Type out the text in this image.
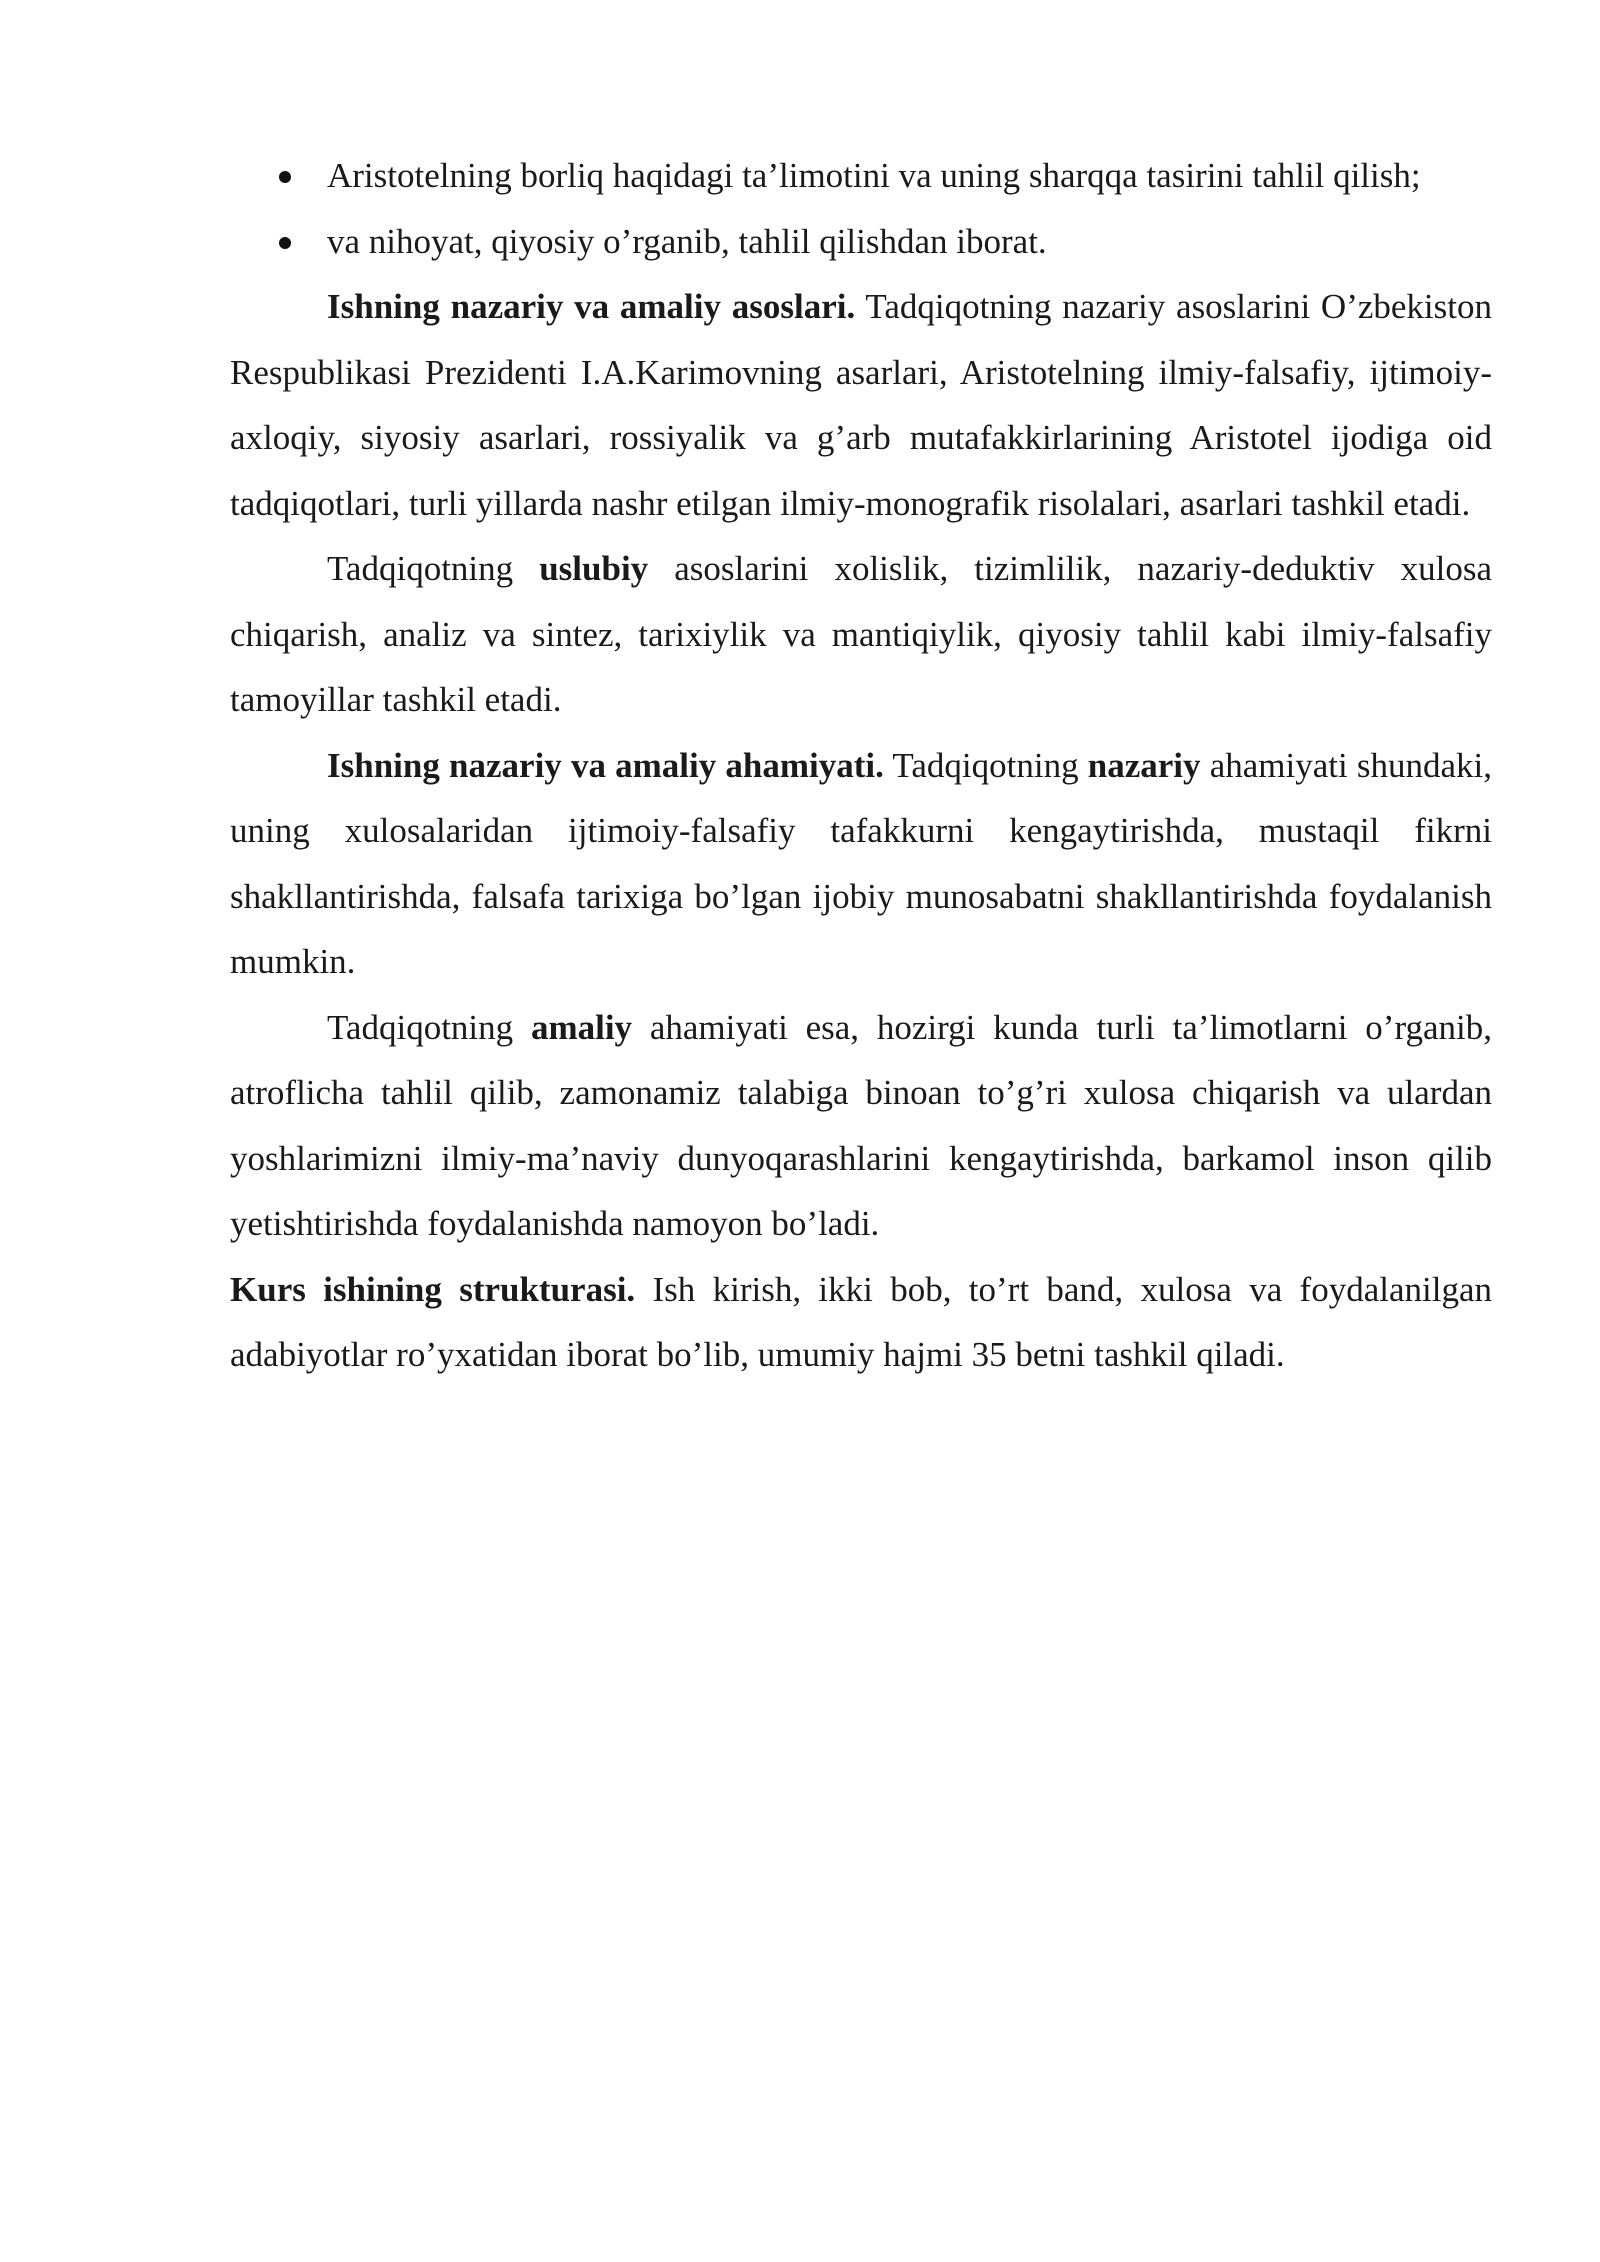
Aristotelning borliq haqidagi ta’limotini va uning sharqqa tasirini tahlil qilish;
va nihoyat, qiyosiy o’rganib, tahlil qilishdan iborat.

Ishning nazariy va amaliy asoslari. Tadqiqotning nazariy asoslarini O’zbekiston Respublikasi Prezidenti I.A.Karimovning asarlari, Aristotelning ilmiy-falsafiy, ijtimoiy-axloqiy, siyosiy asarlari, rossiyalik va g’arb mutafakkirlarining Aristotel ijodiga oid tadqiqotlari, turli yillarda nashr etilgan ilmiy-monografik risolalari, asarlari tashkil etadi.

Tadqiqotning uslubiy asoslarini xolislik, tizimlilik, nazariy-deduktiv xulosa chiqarish, analiz va sintez, tarixiylik va mantiqiylik, qiyosiy tahlil kabi ilmiy-falsafiy tamoyillar tashkil etadi.

Ishning nazariy va amaliy ahamiyati. Tadqiqotning nazariy ahamiyati shundaki, uning xulosalaridan ijtimoiy-falsafiy tafakkurni kengaytirishda, mustaqil fikrni shakllantirishda, falsafa tarixiga bo’lgan ijobiy munosabatni shakllantirishda foydalanish mumkin.

Tadqiqotning amaliy ahamiyati esa, hozirgi kunda turli ta’limotlarni o’rganib, atroflicha tahlil qilib, zamonamiz talabiga binoan to’g’ri xulosa chiqarish va ulardan yoshlarimizni ilmiy-ma’naviy dunyoqarashlarini kengaytirishda, barkamol inson qilib yetishtirishda foydalanishda namoyon bo’ladi.

Kurs ishining strukturasi. Ish kirish, ikki bob, to’rt band, xulosa va foydalanilgan adabiyotlar ro’yxatidan iborat bo’lib, umumiy hajmi 35 betni tashkil qiladi.
